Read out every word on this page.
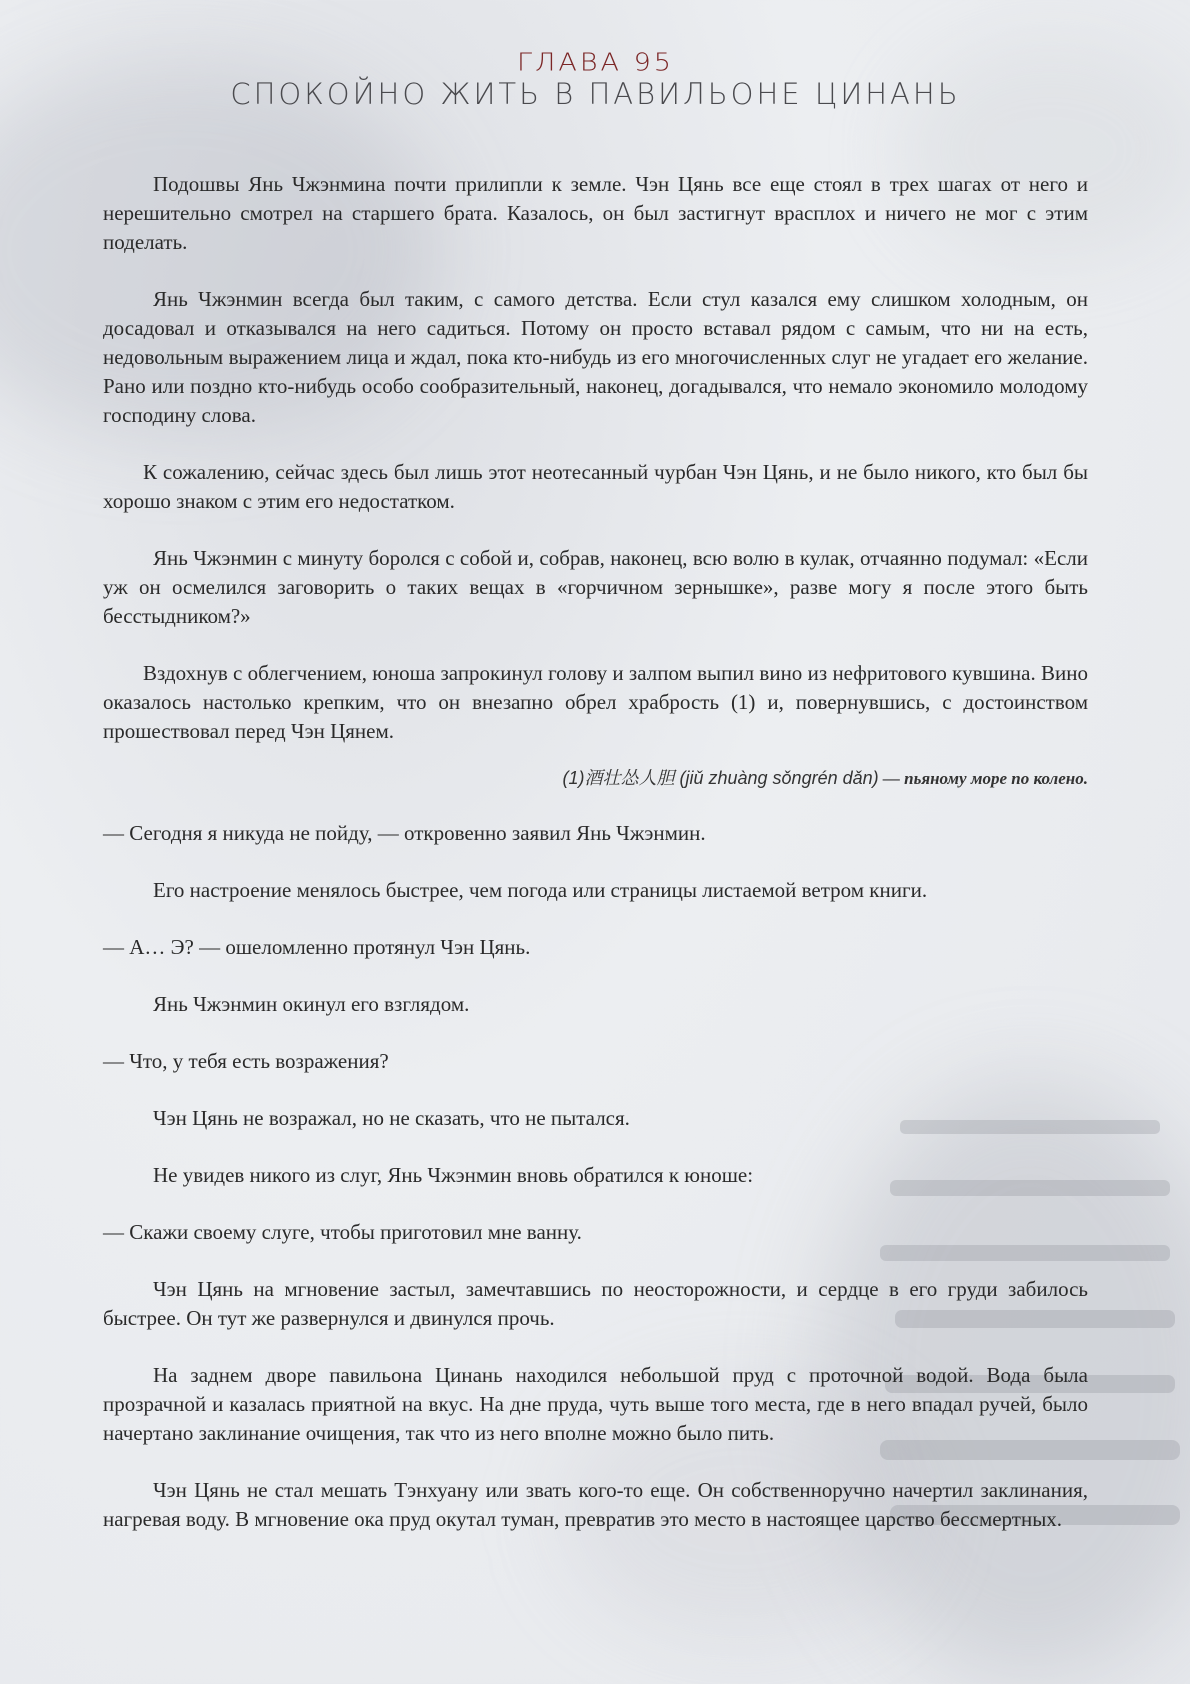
ГЛАВА 95
СПОКОЙНО ЖИТЬ В ПАВИЛЬОНЕ ЦИНАНЬ

Подошвы Янь Чжэнмина почти прилипли к земле. Чэн Цянь все еще стоял в трех шагах от него и нерешительно смотрел на старшего брата. Казалось, он был застигнут врасплох и ничего не мог с этим поделать.

Янь Чжэнмин всегда был таким, с самого детства. Если стул казался ему слишком холодным, он досадовал и отказывался на него садиться. Потому он просто вставал рядом с самым, что ни на есть, недовольным выражением лица и ждал, пока кто-нибудь из его многочисленных слуг не угадает его желание. Рано или поздно кто-нибудь особо сообразительный, наконец, догадывался, что немало экономило молодому господину слова.

К сожалению, сейчас здесь был лишь этот неотесанный чурбан Чэн Цянь, и не было никого, кто был бы хорошо знаком с этим его недостатком.

Янь Чжэнмин с минуту боролся с собой и, собрав, наконец, всю волю в кулак, отчаянно подумал: «Если уж он осмелился заговорить о таких вещах в «горчичном зернышке», разве могу я после этого быть бесстыдником?»

Вздохнув с облегчением, юноша запрокинул голову и залпом выпил вино из нефритового кувшина. Вино оказалось настолько крепким, что он внезапно обрел храбрость (1) и, повернувшись, с достоинством прошествовал перед Чэн Цянем.

(1)酒壮怂人胆 (jiǔ zhuàng sǒngrén dǎn) — пьяному море по колено.

— Сегодня я никуда не пойду, — откровенно заявил Янь Чжэнмин.

Его настроение менялось быстрее, чем погода или страницы листаемой ветром книги.

— А… Э? — ошеломленно протянул Чэн Цянь.

Янь Чжэнмин окинул его взглядом.

— Что, у тебя есть возражения?

Чэн Цянь не возражал, но не сказать, что не пытался.

Не увидев никого из слуг, Янь Чжэнмин вновь обратился к юноше:

— Скажи своему слуге, чтобы приготовил мне ванну.

Чэн Цянь на мгновение застыл, замечтавшись по неосторожности, и сердце в его груди забилось быстрее. Он тут же развернулся и двинулся прочь.

На заднем дворе павильона Цинань находился небольшой пруд с проточной водой. Вода была прозрачной и казалась приятной на вкус. На дне пруда, чуть выше того места, где в него впадал ручей, было начертано заклинание очищения, так что из него вполне можно было пить.

Чэн Цянь не стал мешать Тэнхуану или звать кого-то еще. Он собственноручно начертил заклинания, нагревая воду. В мгновение ока пруд окутал туман, превратив это место в настоящее царство бессмертных.
